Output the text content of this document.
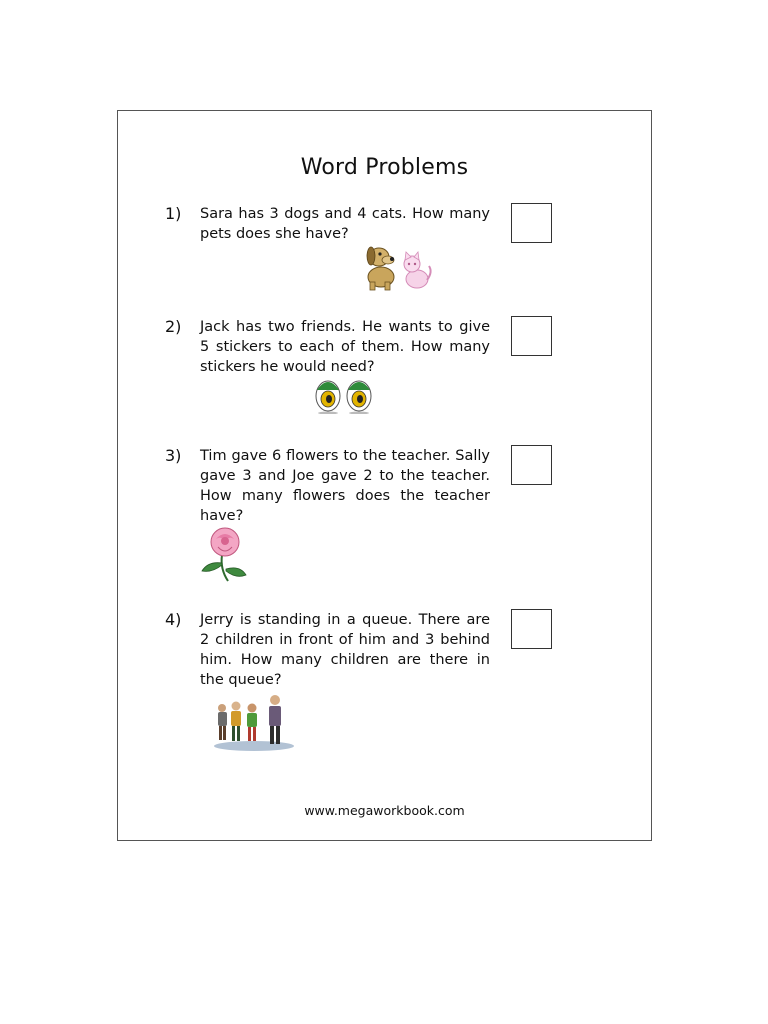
Word Problems
1) Sara has 3 dogs and 4 cats. How many pets does she have?
2) Jack has two friends. He wants to give 5 stickers to each of them. How many stickers he would need?
3) Tim gave 6 flowers to the teacher. Sally gave 3 and Joe gave 2 to the teacher. How many flowers does the teacher have?
4) Jerry is standing in a queue. There are 2 children in front of him and 3 behind him. How many children are there in the queue?
www.megaworkbook.com
